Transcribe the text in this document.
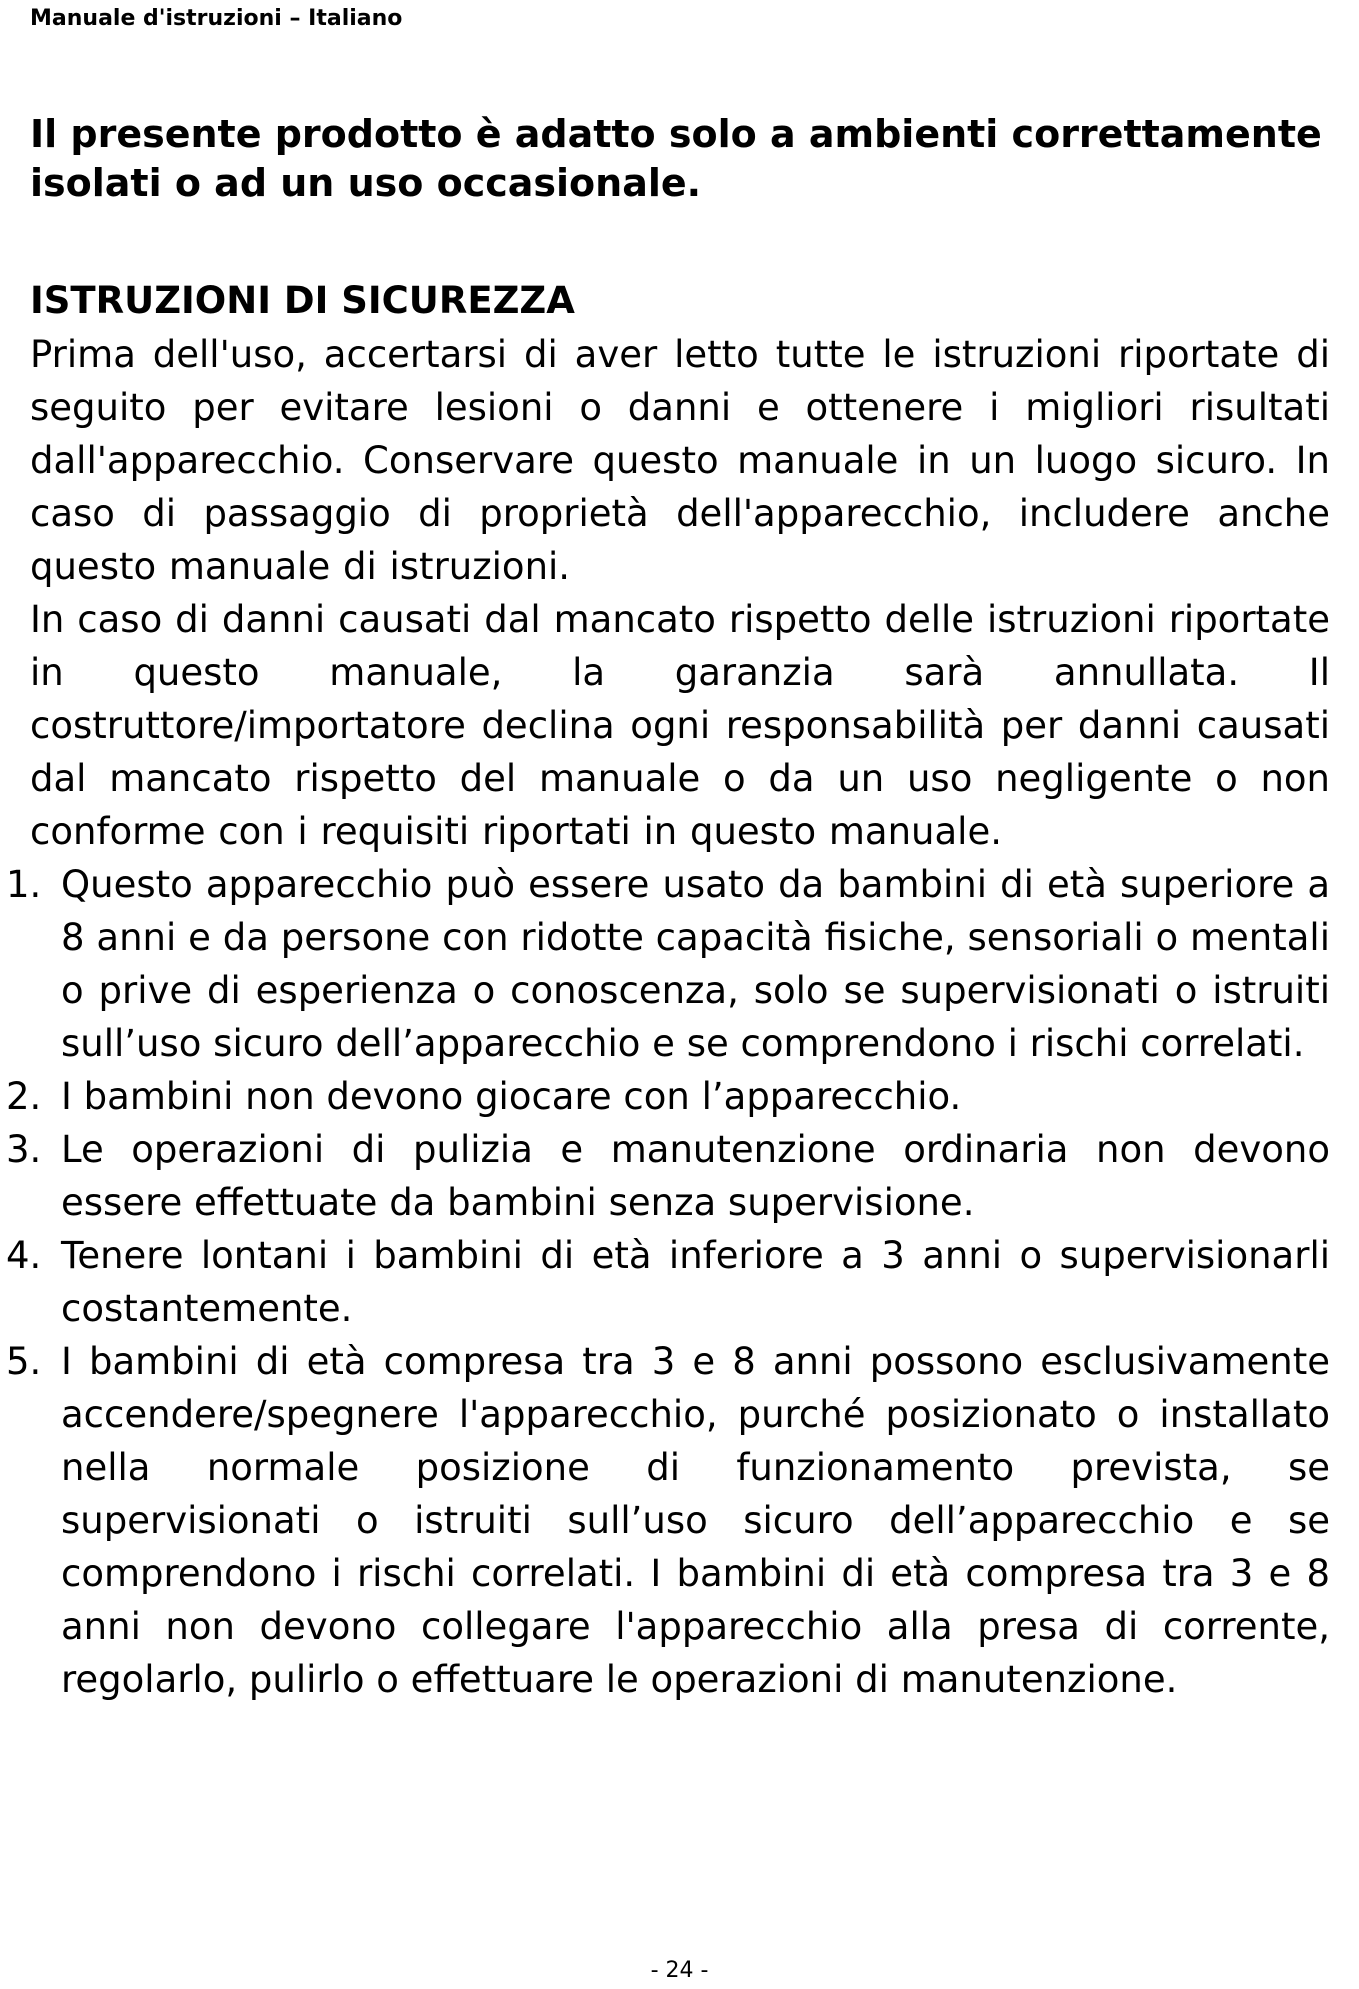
Manuale d'istruzioni – Italiano

Il presente prodotto è adatto solo a ambienti correttamente isolati o ad un uso occasionale.

ISTRUZIONI DI SICUREZZA

Prima dell'uso, accertarsi di aver letto tutte le istruzioni riportate di seguito per evitare lesioni o danni e ottenere i migliori risultati dall'apparecchio. Conservare questo manuale in un luogo sicuro. In caso di passaggio di proprietà dell'apparecchio, includere anche questo manuale di istruzioni.

In caso di danni causati dal mancato rispetto delle istruzioni riportate in questo manuale, la garanzia sarà annullata. Il costruttore/importatore declina ogni responsabilità per danni causati dal mancato rispetto del manuale o da un uso negligente o non conforme con i requisiti riportati in questo manuale.

1. Questo apparecchio può essere usato da bambini di età superiore a 8 anni e da persone con ridotte capacità fisiche, sensoriali o mentali o prive di esperienza o conoscenza, solo se supervisionati o istruiti sull’uso sicuro dell’apparecchio e se comprendono i rischi correlati.
2. I bambini non devono giocare con l’apparecchio.
3. Le operazioni di pulizia e manutenzione ordinaria non devono essere effettuate da bambini senza supervisione.
4. Tenere lontani i bambini di età inferiore a 3 anni o supervisionarli costantemente.
5. I bambini di età compresa tra 3 e 8 anni possono esclusivamente accendere/spegnere l'apparecchio, purché posizionato o installato nella normale posizione di funzionamento prevista, se supervisionati o istruiti sull’uso sicuro dell’apparecchio e se comprendono i rischi correlati. I bambini di età compresa tra 3 e 8 anni non devono collegare l'apparecchio alla presa di corrente, regolarlo, pulirlo o effettuare le operazioni di manutenzione.
- 24 -
